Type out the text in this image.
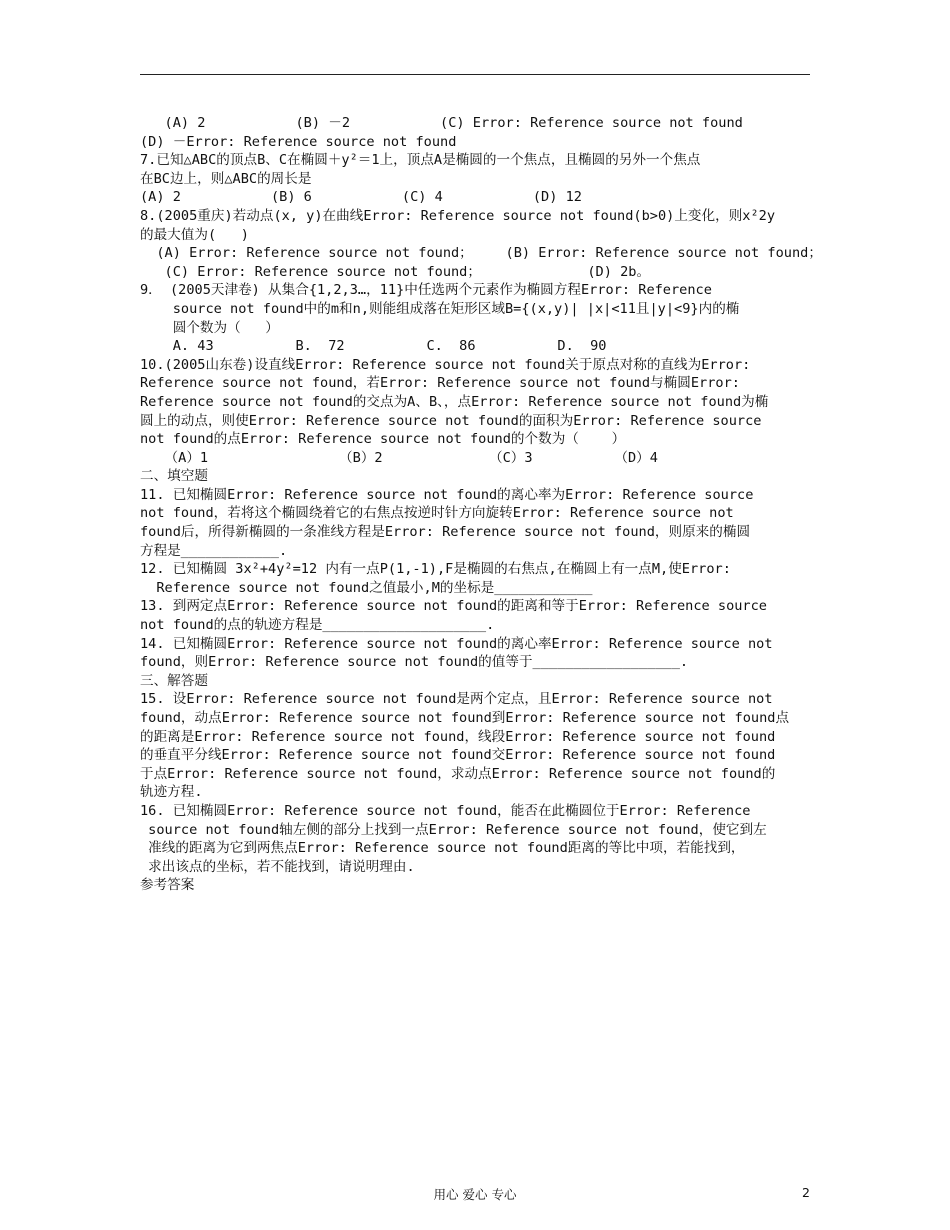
(A) 2           (B) －2           (C) Error: Reference source not found
(D) －Error: Reference source not found
7.已知△ABC的顶点B、C在椭圆＋y²＝1上，顶点A是椭圆的一个焦点，且椭圆的另外一个焦点
在BC边上，则△ABC的周长是
(A) 2           (B) 6           (C) 4           (D) 12
8.(2005重庆)若动点(x, y)在曲线Error: Reference source not found(b>0)上变化，则x²2y
的最大值为(   )
(A) Error: Reference source not found；    (B) Error: Reference source not found；
(C) Error: Reference source not found；             (D) 2b。
9． (2005天津卷) 从集合{1,2,3…，11}中任选两个元素作为椭圆方程Error: Reference
source not found中的m和n,则能组成落在矩形区域B={(x,y)| |x|<11且|y|<9}内的椭
圆个数为（   ）
A. 43          B.  72          C.  86          D.  90
10.(2005山东卷)设直线Error: Reference source not found关于原点对称的直线为Error:
Reference source not found，若Error: Reference source not found与椭圆Error:
Reference source not found的交点为A、B、，点Error: Reference source not found为椭
圆上的动点，则使Error: Reference source not found的面积为Error: Reference source
not found的点Error: Reference source not found的个数为（    ）
（A）1                （B）2             （C）3          （D）4
二、填空题
11. 已知椭圆Error: Reference source not found的离心率为Error: Reference source
not found，若将这个椭圆绕着它的右焦点按逆时针方向旋转Error: Reference source not
found后，所得新椭圆的一条准线方程是Error: Reference source not found，则原来的椭圆
方程是____________.
12. 已知椭圆 3x²+4y²=12 内有一点P(1,-1),F是椭圆的右焦点,在椭圆上有一点M,使Error:
Reference source not found之值最小,M的坐标是____________
13. 到两定点Error: Reference source not found的距离和等于Error: Reference source
not found的点的轨迹方程是____________________.
14. 已知椭圆Error: Reference source not found的离心率Error: Reference source not
found，则Error: Reference source not found的值等于__________________.
三、解答题
15. 设Error: Reference source not found是两个定点，且Error: Reference source not
found，动点Error: Reference source not found到Error: Reference source not found点
的距离是Error: Reference source not found，线段Error: Reference source not found
的垂直平分线Error: Reference source not found交Error: Reference source not found
于点Error: Reference source not found，求动点Error: Reference source not found的
轨迹方程.
16. 已知椭圆Error: Reference source not found，能否在此椭圆位于Error: Reference
source not found轴左侧的部分上找到一点Error: Reference source not found，使它到左
准线的距离为它到两焦点Error: Reference source not found距离的等比中项，若能找到，
求出该点的坐标，若不能找到，请说明理由.
参考答案
用心 爱心 专心	2
